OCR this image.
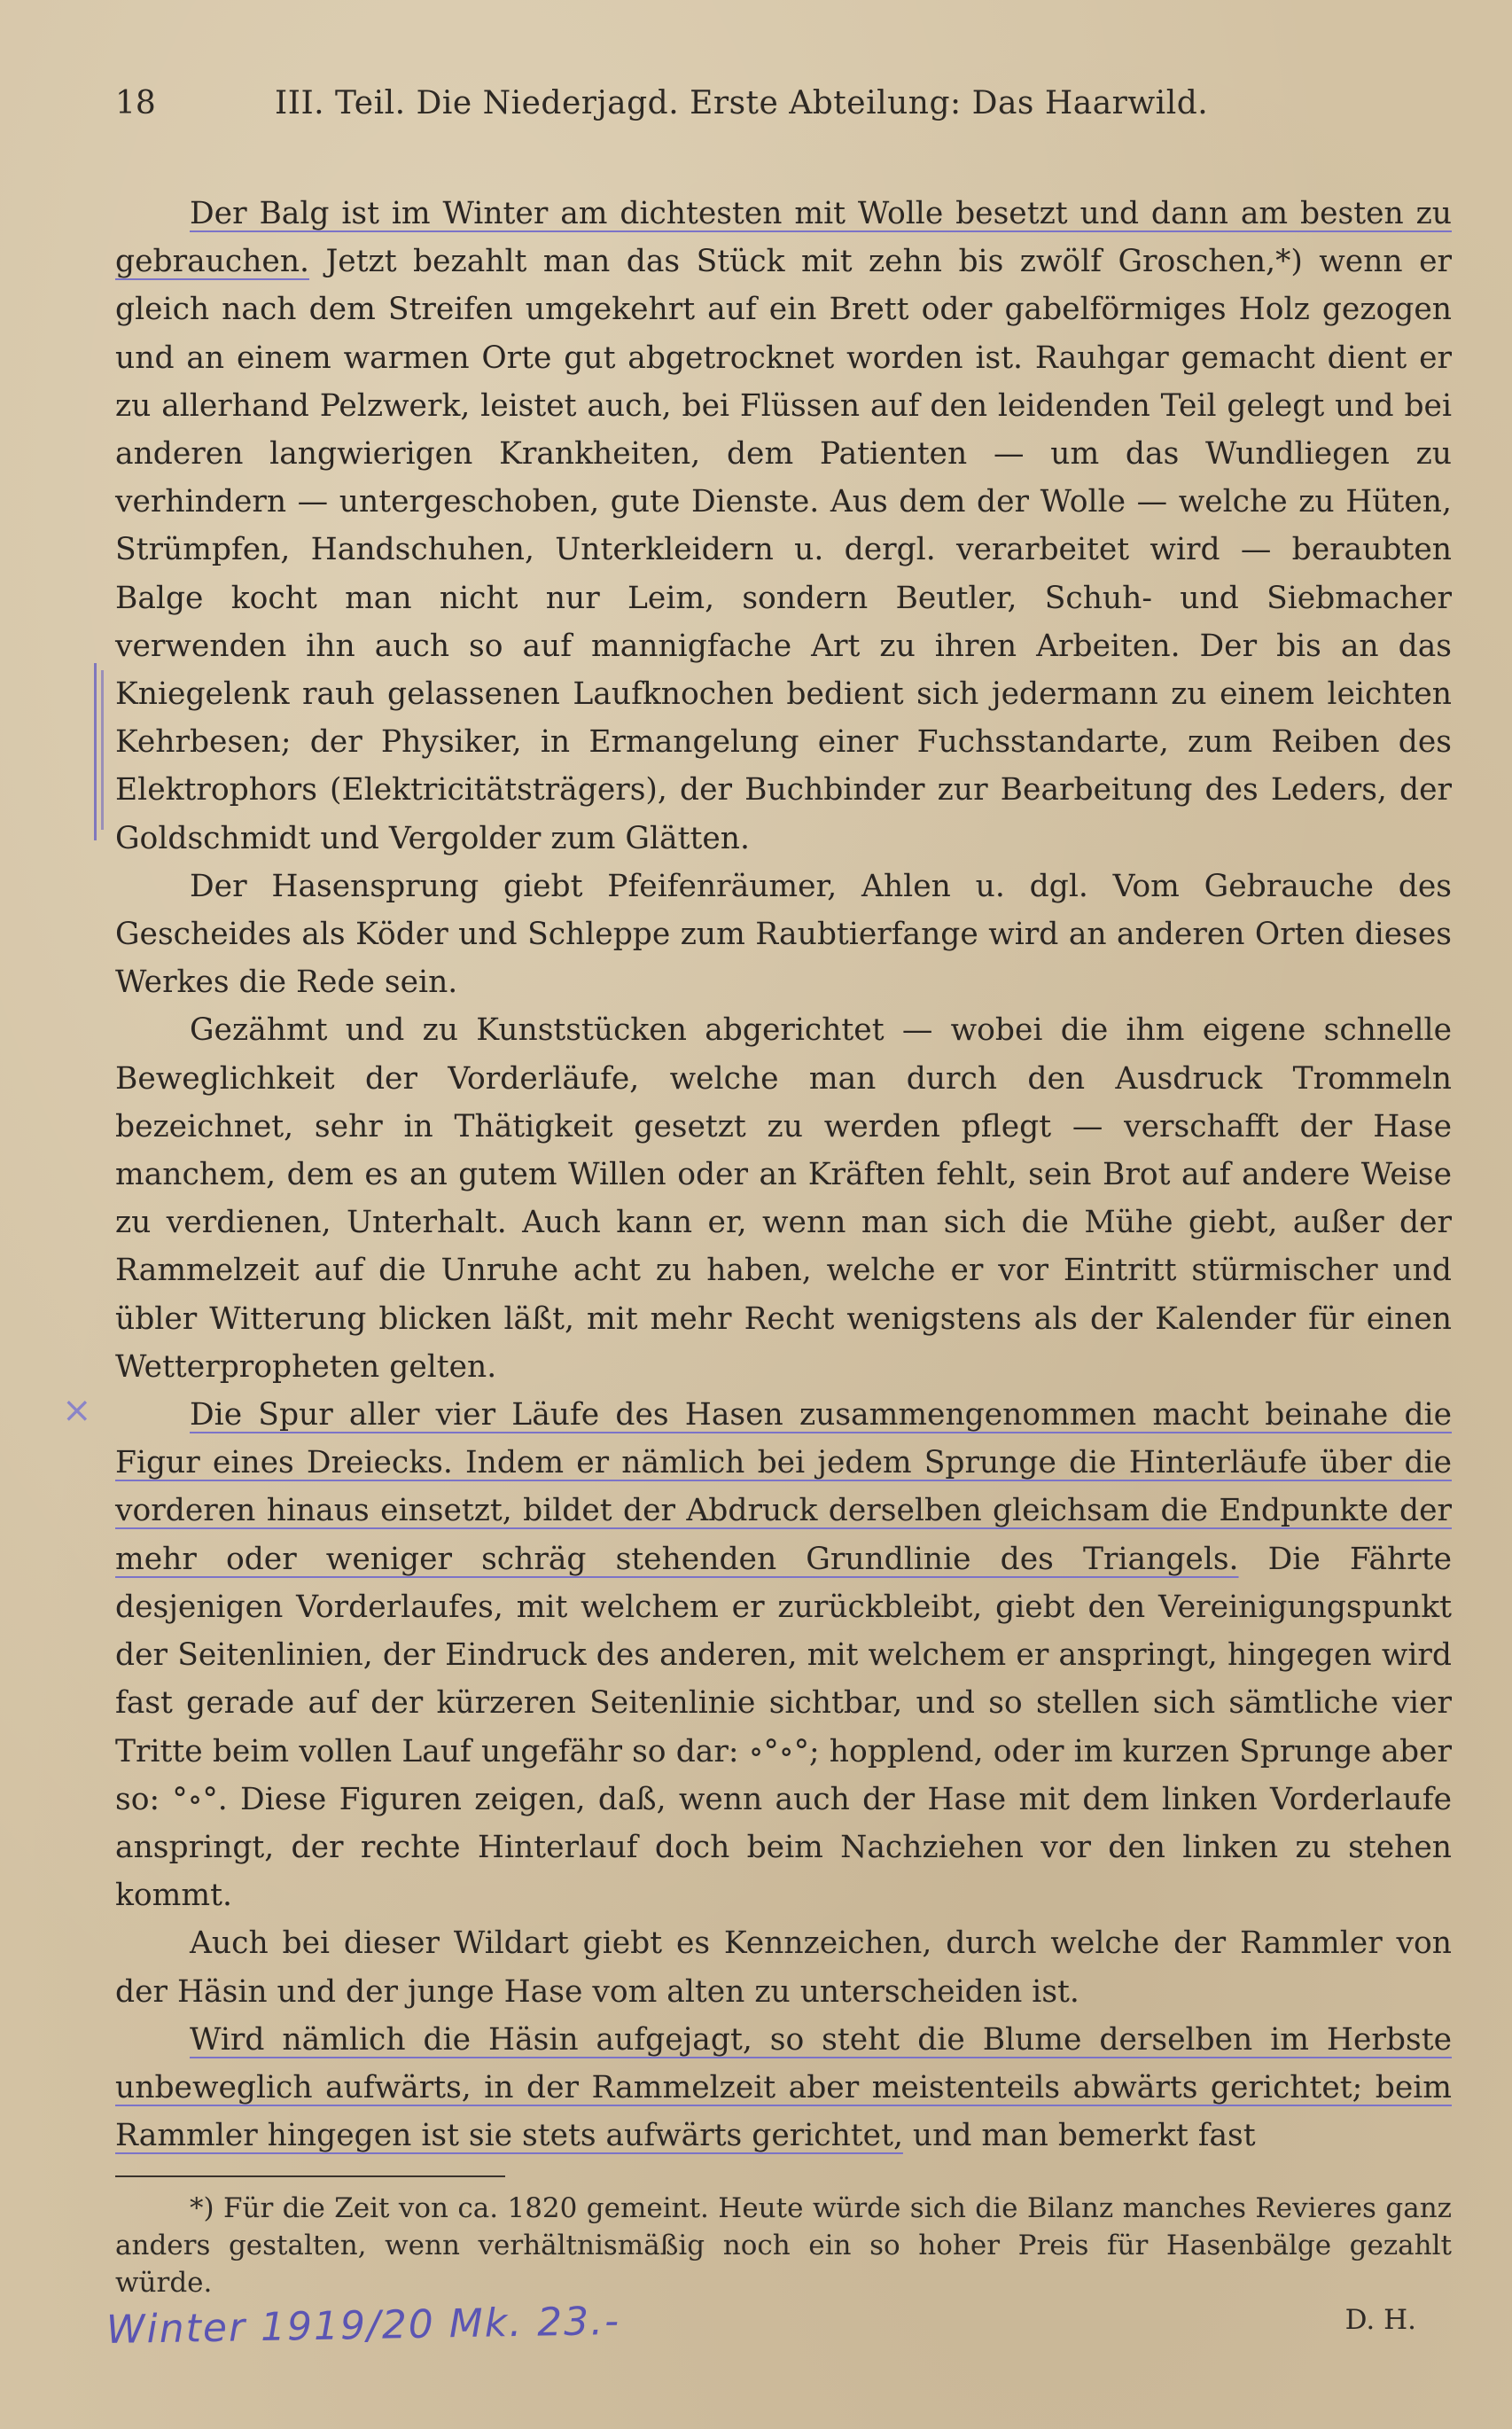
×
18	III. Teil. Die Niederjagd. Erste Abteilung: Das Haarwild.

Der Balg ist im Winter am dichtesten mit Wolle besetzt und dann am besten zu gebrauchen. Jetzt bezahlt man das Stück mit zehn bis zwölf Groschen,*) wenn er gleich nach dem Streifen umgekehrt auf ein Brett oder gabelförmiges Holz gezogen und an einem warmen Orte gut abgetrocknet worden ist. Rauhgar gemacht dient er zu allerhand Pelzwerk, leistet auch, bei Flüssen auf den leidenden Teil gelegt und bei anderen langwierigen Krankheiten, dem Patienten — um das Wundliegen zu verhindern — untergeschoben, gute Dienste. Aus dem der Wolle — welche zu Hüten, Strümpfen, Handschuhen, Unterkleidern u. dergl. verarbeitet wird — beraubten Balge kocht man nicht nur Leim, sondern Beutler, Schuh- und Siebmacher verwenden ihn auch so auf mannigfache Art zu ihren Arbeiten. Der bis an das Kniegelenk rauh gelassenen Laufknochen bedient sich jedermann zu einem leichten Kehrbesen; der Physiker, in Ermangelung einer Fuchsstandarte, zum Reiben des Elektrophors (Elektricitätsträgers), der Buchbinder zur Bearbeitung des Leders, der Goldschmidt und Vergolder zum Glätten.

Der Hasensprung giebt Pfeifenräumer, Ahlen u. dgl. Vom Gebrauche des Gescheides als Köder und Schleppe zum Raubtierfange wird an anderen Orten dieses Werkes die Rede sein.

Gezähmt und zu Kunststücken abgerichtet — wobei die ihm eigene schnelle Beweglichkeit der Vorderläufe, welche man durch den Ausdruck Trommeln bezeichnet, sehr in Thätigkeit gesetzt zu werden pflegt — verschafft der Hase manchem, dem es an gutem Willen oder an Kräften fehlt, sein Brot auf andere Weise zu verdienen, Unterhalt. Auch kann er, wenn man sich die Mühe giebt, außer der Rammelzeit auf die Unruhe acht zu haben, welche er vor Eintritt stürmischer und übler Witterung blicken läßt, mit mehr Recht wenigstens als der Kalender für einen Wetterpropheten gelten.

Die Spur aller vier Läufe des Hasen zusammengenommen macht beinahe die Figur eines Dreiecks. Indem er nämlich bei jedem Sprunge die Hinterläufe über die vorderen hinaus einsetzt, bildet der Abdruck derselben gleichsam die Endpunkte der mehr oder weniger schräg stehenden Grundlinie des Triangels. Die Fährte desjenigen Vorderlaufes, mit welchem er zurückbleibt, giebt den Vereinigungspunkt der Seitenlinien, der Eindruck des anderen, mit welchem er anspringt, hingegen wird fast gerade auf der kürzeren Seitenlinie sichtbar, und so stellen sich sämtliche vier Tritte beim vollen Lauf ungefähr so dar: ∘°∘°; hopplend, oder im kurzen Sprunge aber so: °∘°. Diese Figuren zeigen, daß, wenn auch der Hase mit dem linken Vorderlaufe anspringt, der rechte Hinterlauf doch beim Nachziehen vor den linken zu stehen kommt.

Auch bei dieser Wildart giebt es Kennzeichen, durch welche der Rammler von der Häsin und der junge Hase vom alten zu unterscheiden ist.

Wird nämlich die Häsin aufgejagt, so steht die Blume derselben im Herbste unbeweglich aufwärts, in der Rammelzeit aber meistenteils abwärts gerichtet; beim Rammler hingegen ist sie stets aufwärts gerichtet, und man bemerkt fast

*) Für die Zeit von ca. 1820 gemeint. Heute würde sich die Bilanz manches Revieres ganz anders gestalten, wenn verhältnismäßig noch ein so hoher Preis für Hasenbälge gezahlt würde.
D. H.
Winter 1919/20 Mk. 23.-
